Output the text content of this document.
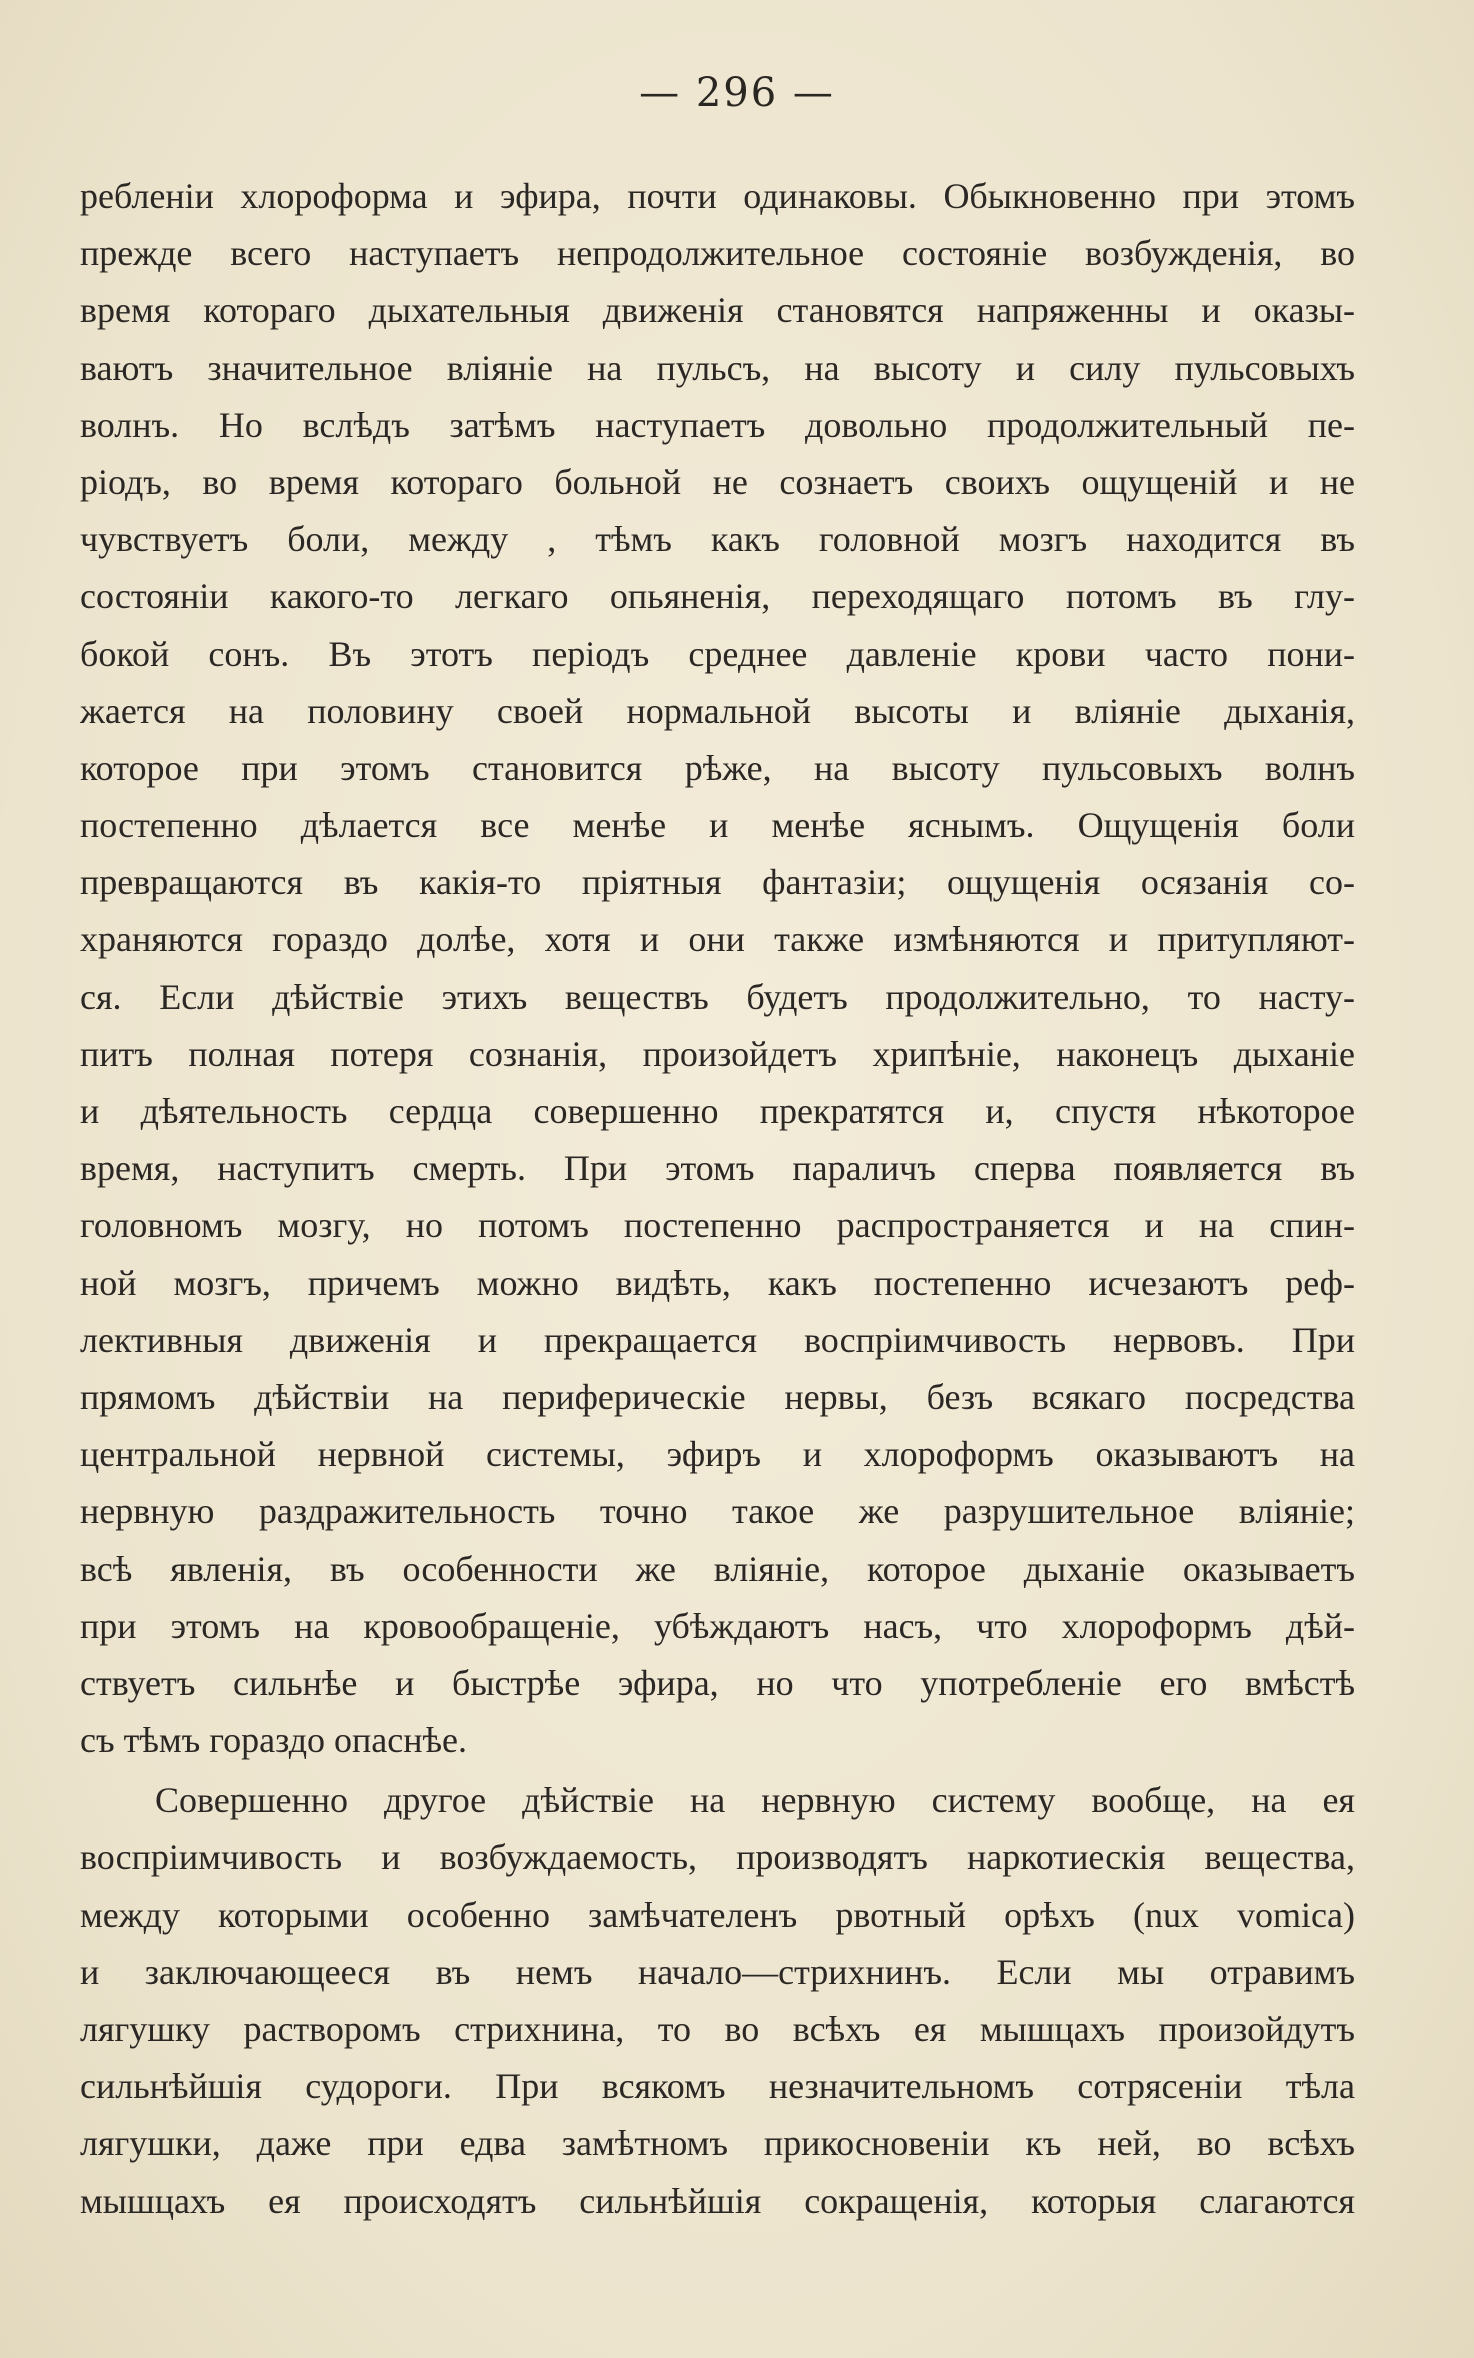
— 296 —
ребленіи хлороформа и эфира, почти одинаковы. Обыкновенно при этомъ
прежде всего наступаетъ непродолжительное состояніе возбужденія, во
время котораго дыхательныя движенія становятся напряженны и оказы-
ваютъ значительное вліяніе на пульсъ, на высоту и силу пульсовыхъ
волнъ. Но вслѣдъ затѣмъ наступаетъ довольно продолжительный пе-
ріодъ, во время котораго больной не сознаетъ своихъ ощущеній и не
чувствуетъ боли, между , тѣмъ какъ головной мозгъ находится въ
состояніи какого-то легкаго опьяненія, переходящаго потомъ въ глу-
бокой сонъ. Въ этотъ періодъ среднее давленіе крови часто пони-
жается на половину своей нормальной высоты и вліяніе дыханія,
которое при этомъ становится рѣже, на высоту пульсовыхъ волнъ
постепенно дѣлается все менѣе и менѣе яснымъ. Ощущенія боли
превращаются въ какія-то пріятныя фантазіи; ощущенія осязанія со-
храняются гораздо долѣе, хотя и они также измѣняются и притупляют-
ся. Если дѣйствіе этихъ веществъ будетъ продолжительно, то насту-
питъ полная потеря сознанія, произойдетъ хрипѣніе, наконецъ дыханіе
и дѣятельность сердца совершенно прекратятся и, спустя нѣкоторое
время, наступитъ смерть. При этомъ параличъ сперва появляется въ
головномъ мозгу, но потомъ постепенно распространяется и на спин-
ной мозгъ, причемъ можно видѣть, какъ постепенно исчезаютъ реф-
лективныя движенія и прекращается воспріимчивость нервовъ. При
прямомъ дѣйствіи на периферическіе нервы, безъ всякаго посредства
центральной нервной системы, эфиръ и хлороформъ оказываютъ на
нервную раздражительность точно такое же разрушительное вліяніе;
всѣ явленія, въ особенности же вліяніе, которое дыханіе оказываетъ
при этомъ на кровообращеніе, убѣждаютъ насъ, что хлороформъ дѣй-
ствуетъ сильнѣе и быстрѣе эфира, но что употребленіе его вмѣстѣ
съ тѣмъ гораздо опаснѣе.
Совершенно другое дѣйствіе на нервную систему вообще, на ея
воспріимчивость и возбуждаемость, производятъ наркотиескія вещества,
между которыми особенно замѣчателенъ рвотный орѣхъ (nux vomica)
и заключающееся въ немъ начало—стрихнинъ. Если мы отравимъ
лягушку растворомъ стрихнина, то во всѣхъ ея мышцахъ произойдутъ
сильнѣйшія судороги. При всякомъ незначительномъ сотрясеніи тѣла
лягушки, даже при едва замѣтномъ прикосновеніи къ ней, во всѣхъ
мышцахъ ея происходятъ сильнѣйшія сокращенія, которыя слагаются
